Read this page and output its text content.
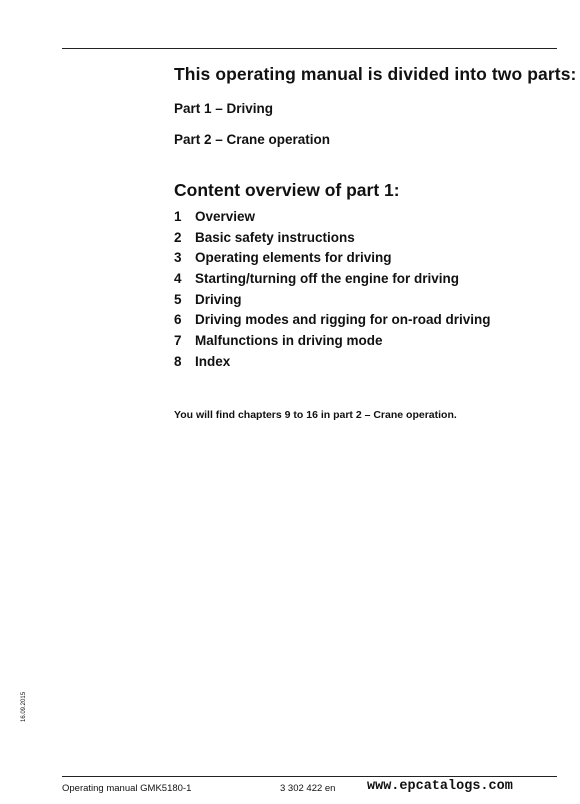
This operating manual is divided into two parts:
Part 1 – Driving
Part 2 – Crane operation
Content overview of part 1:
1 Overview
2 Basic safety instructions
3 Operating elements for driving
4 Starting/turning off the engine for driving
5 Driving
6 Driving modes and rigging for on-road driving
7 Malfunctions in driving mode
8 Index
You will find chapters 9 to 16 in part 2 – Crane operation.
16.09.2015
Operating manual GMK5180-1	3 302 422 en www.epcatalogs.com
